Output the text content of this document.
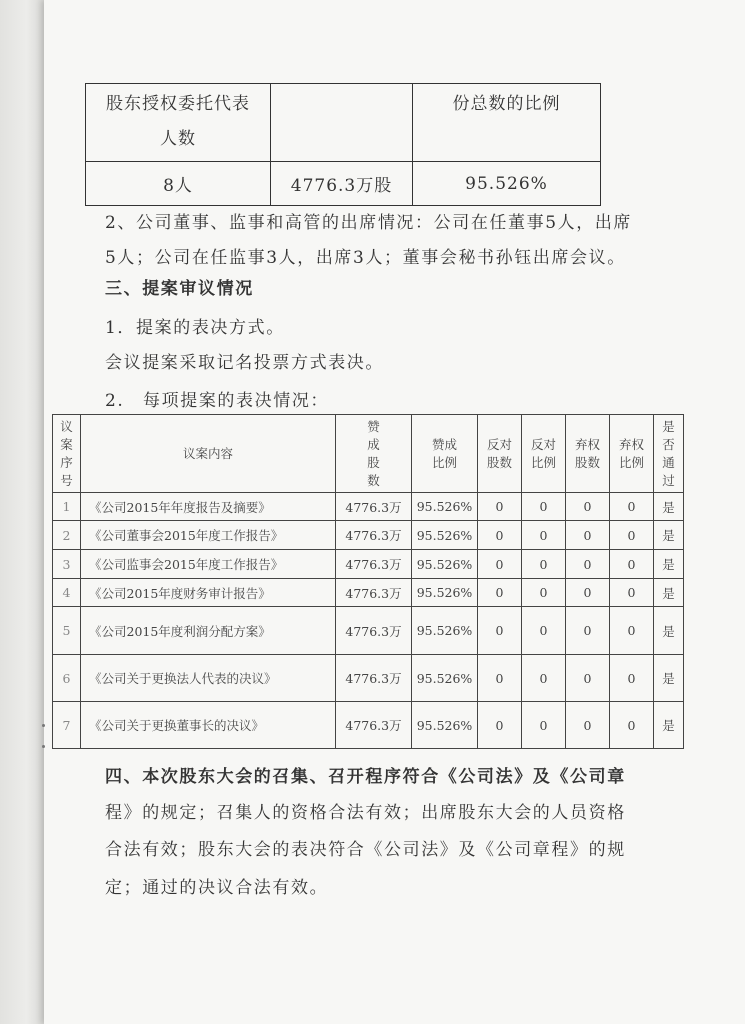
股东授权委托代表
人数		份总数的比例

8人	4776.3万股	95.526%
2、公司董事、监事和高管的出席情况：公司在任董事5人，出席
5人；公司在任监事3人，出席3人；董事会秘书孙钰出席会议。
三、提案审议情况
1．提案的表决方式。
会议提案采取记名投票方式表决。
2.　每项提案的表决情况：
议案序号	议案内容	赞成股数	赞成比例	反对股数	反对比例	弃权股数	弃权比例	是否通过
1	《公司2015年年度报告及摘要》	4776.3万	95.526%	0	0	0	0	是
2	《公司董事会2015年度工作报告》	4776.3万	95.526%	0	0	0	0	是
3	《公司监事会2015年度工作报告》	4776.3万	95.526%	0	0	0	0	是
4	《公司2015年度财务审计报告》	4776.3万	95.526%	0	0	0	0	是
5	《公司2015年度利润分配方案》	4776.3万	95.526%	0	0	0	0	是
6	《公司关于更换法人代表的决议》	4776.3万	95.526%	0	0	0	0	是
7	《公司关于更换董事长的决议》	4776.3万	95.526%	0	0	0	0	是
四、本次股东大会的召集、召开程序符合《公司法》及《公司章
程》的规定；召集人的资格合法有效；出席股东大会的人员资格
合法有效；股东大会的表决符合《公司法》及《公司章程》的规
定；通过的决议合法有效。
